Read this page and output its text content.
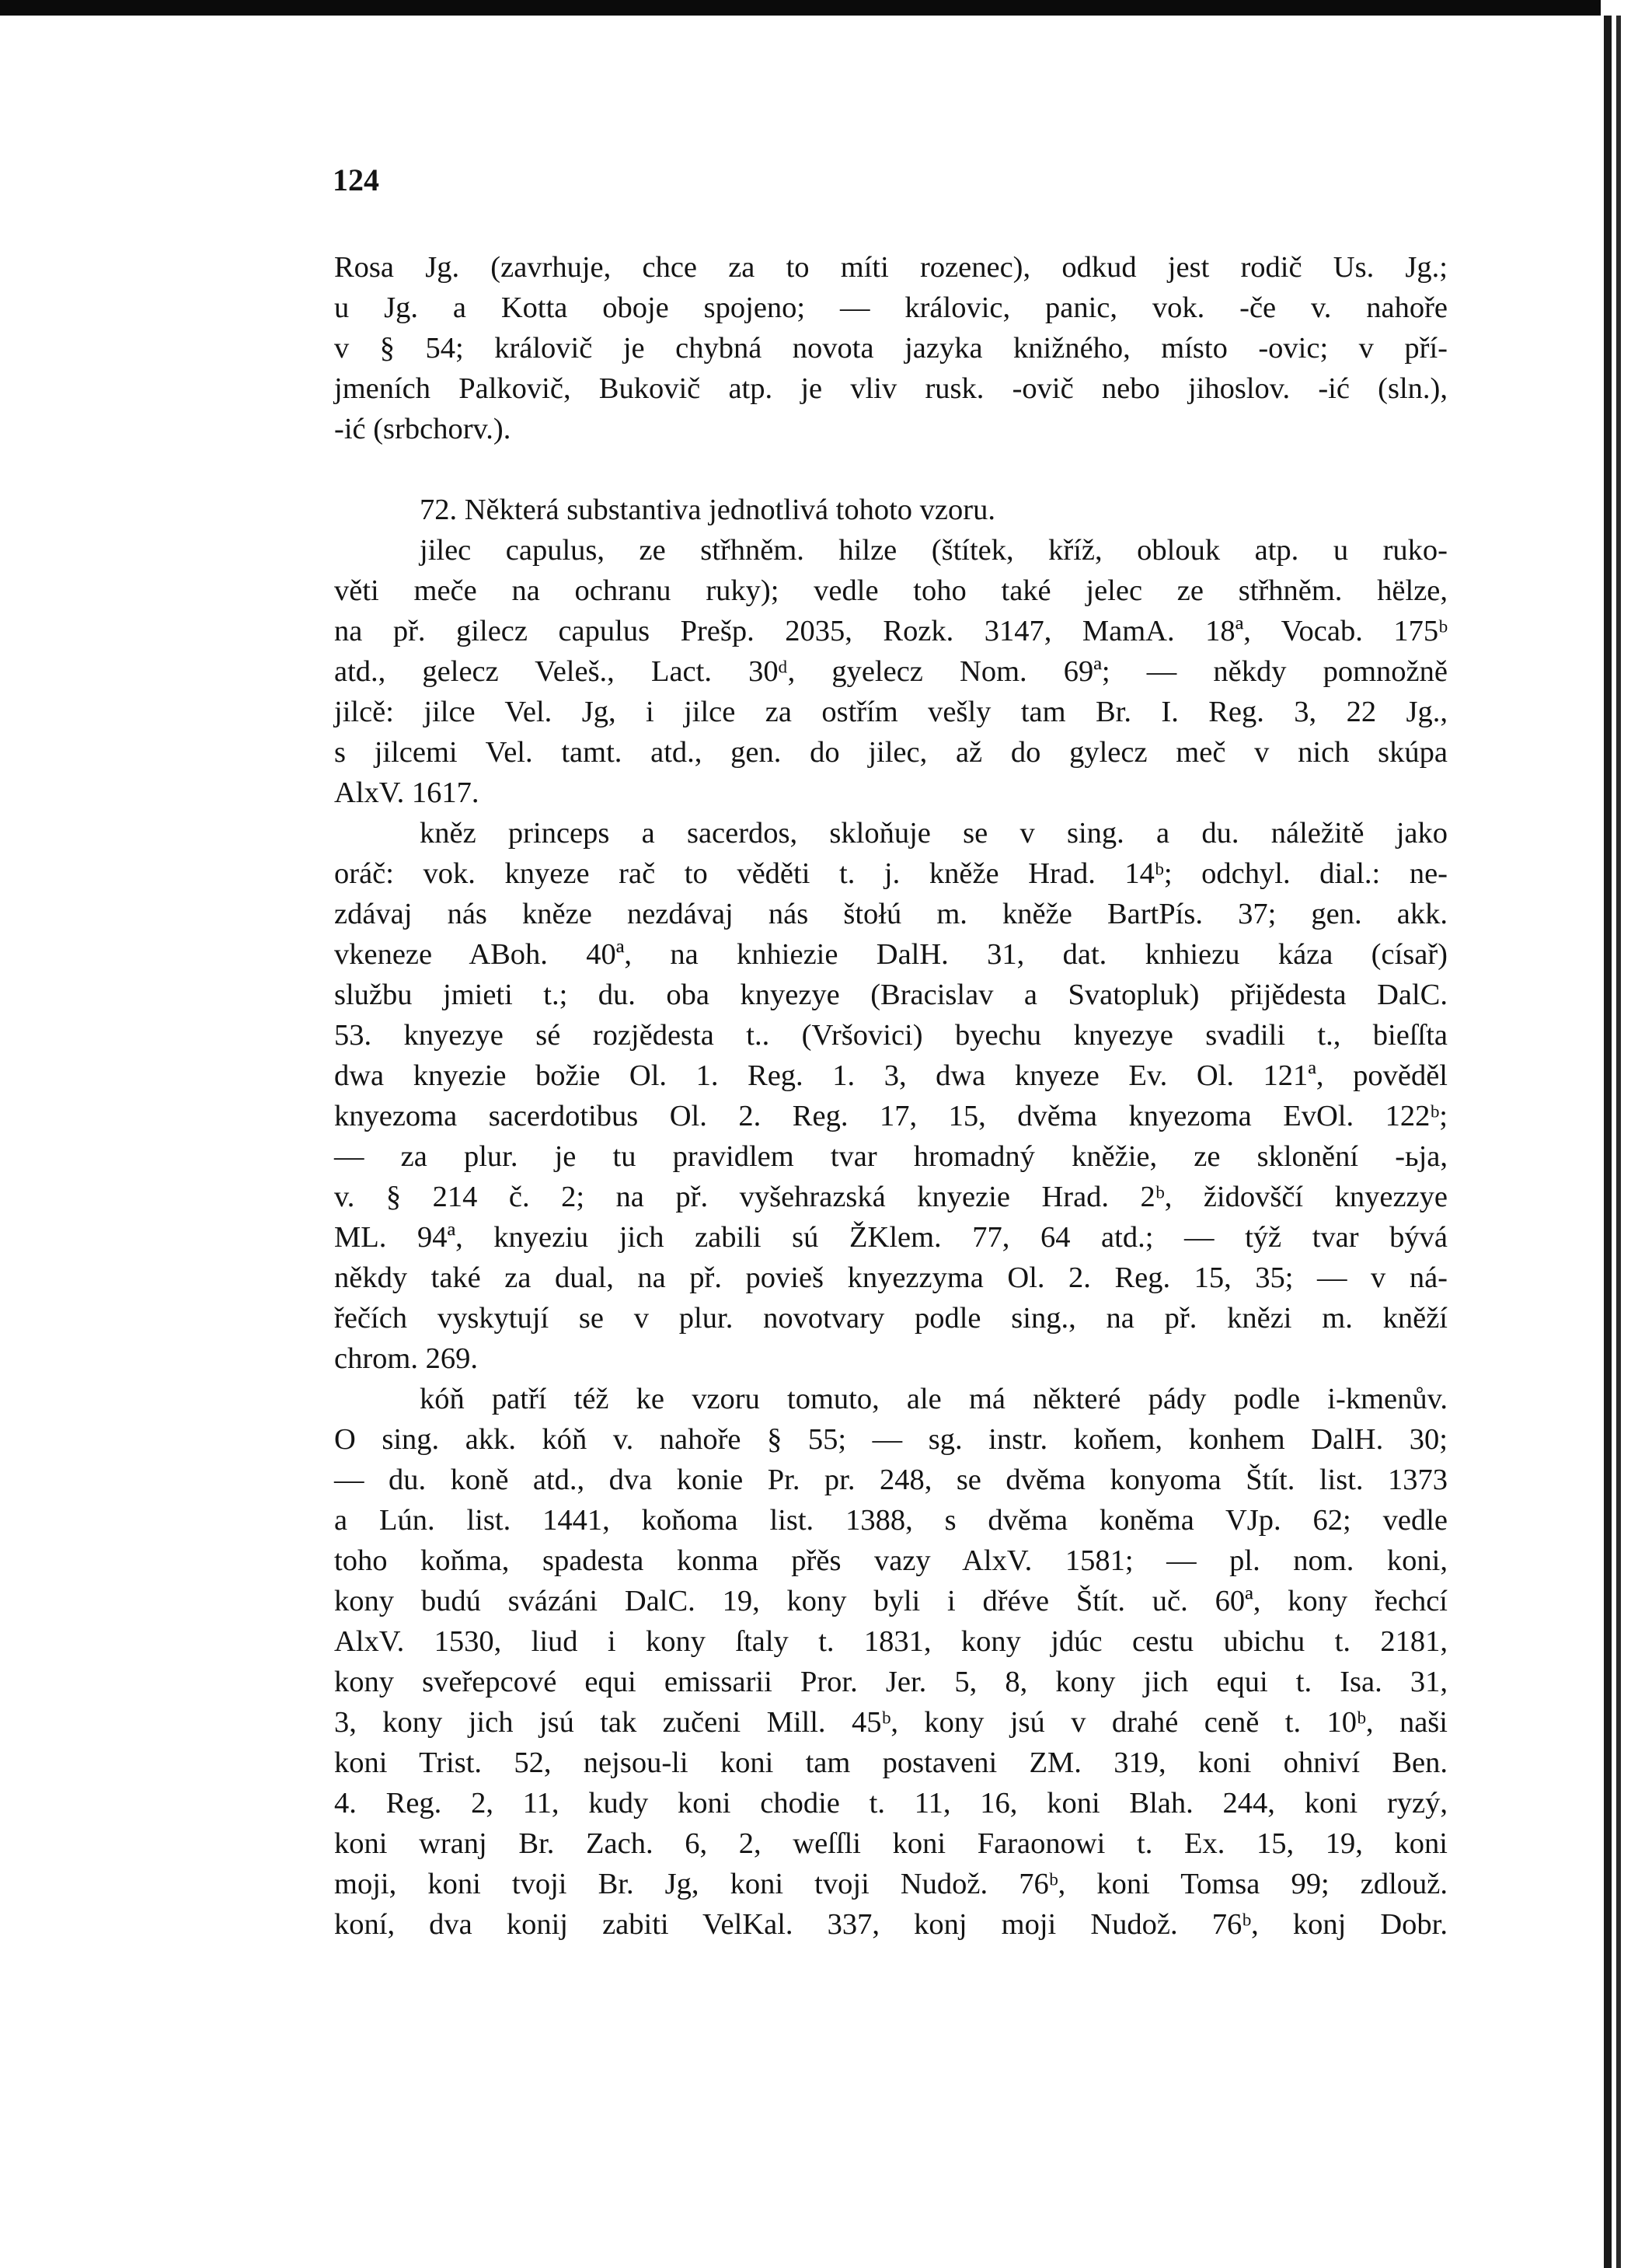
124

Rosa Jg. (zavrhuje, chce za to míti rozenec), odkud jest rodič Us. Jg.;

u Jg. a Kotta oboje spojeno; — královic, panic, vok. -če v. nahoře

v § 54; královič je chybná novota jazyka knižného, místo -ovic; v pří-

jmeních Palkovič, Bukovič atp. je vliv rusk. -ovič nebo jihoslov. -ić (sln.),

-ić (srbchorv.).

72. Některá substantiva jednotlivá tohoto vzoru.

jilec capulus, ze střhněm. hilze (štítek, kříž, oblouk atp. u ruko-

věti meče na ochranu ruky); vedle toho také jelec ze střhněm. hëlze,

na př. gilecz capulus Prešp. 2035, Rozk. 3147, MamA. 18ª, Vocab. 175ᵇ

atd., gelecz Veleš., Lact. 30ᵈ, gyelecz Nom. 69ª; — někdy pomnožně

jilcě: jilce Vel. Jg, i jilce za ostřím vešly tam Br. I. Reg. 3, 22 Jg.,

s jilcemi Vel. tamt. atd., gen. do jilec, až do gylecz meč v nich skúpa

AlxV. 1617.

kněz princeps a sacerdos, skloňuje se v sing. a du. náležitě jako

oráč: vok. knyeze rač to věděti t. j. kněže Hrad. 14ᵇ; odchyl. dial.: ne-

zdávaj nás kněze nezdávaj nás štołú m. kněže BartPís. 37; gen. akk.

vkeneze ABoh. 40ª, na knhiezie DalH. 31, dat. knhiezu káza (císař)

službu jmieti t.; du. oba knyezye (Bracislav a Svatopluk) přijědesta DalC.

53. knyezye sé rozjědesta t.. (Vršovici) byechu knyezye svadili t., bieſſta

dwa knyezie božie Ol. 1. Reg. 1. 3, dwa knyeze Ev. Ol. 121ª, pověděl

knyezoma sacerdotibus Ol. 2. Reg. 17, 15, dvěma knyezoma EvOl. 122ᵇ;

— za plur. je tu pravidlem tvar hromadný kněžie, ze sklonění -ьja,

v. § 214 č. 2; na př. vyšehrazská knyezie Hrad. 2ᵇ, židovščí knyezzye

ML. 94ª, knyeziu jich zabili sú ŽKlem. 77, 64 atd.; — týž tvar bývá

někdy také za dual, na př. povieš knyezzyma Ol. 2. Reg. 15, 35; — v ná-

řečích vyskytují se v plur. novotvary podle sing., na př. knězi m. kněží

chrom. 269.

kóň patří též ke vzoru tomuto, ale má některé pády podle i-kmenův.

O sing. akk. kóň v. nahoře § 55; — sg. instr. koňem, konhem DalH. 30;

— du. koně atd., dva konie Pr. pr. 248, se dvěma konyoma Štít. list. 1373

a Lún. list. 1441, koňoma list. 1388, s dvěma koněma VJp. 62; vedle

toho koňma, spadesta konma přěs vazy AlxV. 1581; — pl. nom. koni,

kony budú svázáni DalC. 19, kony byli i dřéve Štít. uč. 60ª, kony řechcí

AlxV. 1530, liud i kony ſtaly t. 1831, kony jdúc cestu ubichu t. 2181,

kony sveřepcové equi emissarii Pror. Jer. 5, 8, kony jich equi t. Isa. 31,

3, kony jich jsú tak zučeni Mill. 45ᵇ, kony jsú v drahé ceně t. 10ᵇ, naši

koni Trist. 52, nejsou-li koni tam postaveni ZM. 319, koni ohniví Ben.

4. Reg. 2, 11, kudy koni chodie t. 11, 16, koni Blah. 244, koni ryzý,

koni wranj Br. Zach. 6, 2, weſſli koni Faraonowi t. Ex. 15, 19, koni

moji, koni tvoji Br. Jg, koni tvoji Nudož. 76ᵇ, koni Tomsa 99; zdlouž.

koní, dva konij zabiti VelKal. 337, konj moji Nudož. 76ᵇ, konj Dobr.
